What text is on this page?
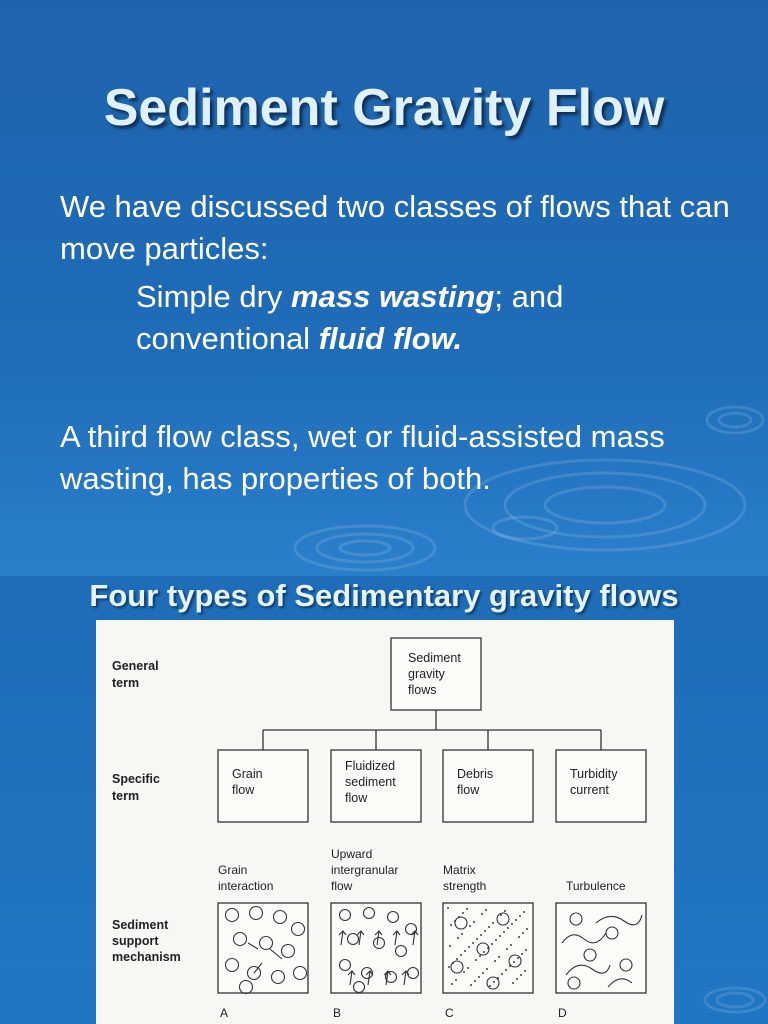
Sediment Gravity Flow
We have discussed two classes of flows that can move particles:
Simple dry mass wasting; and conventional fluid flow.
A third flow class, wet or fluid-assisted mass wasting, has properties of both.
Four types of Sedimentary gravity flows
General term
Specific term
Sediment support mechanism
Sediment gravity flows
Grain flow
Grain interaction
A
Fluidized sediment flow
Upward intergranular flow
B
Debris flow
Matrix strength
C
Turbidity current
Turbulence
D
